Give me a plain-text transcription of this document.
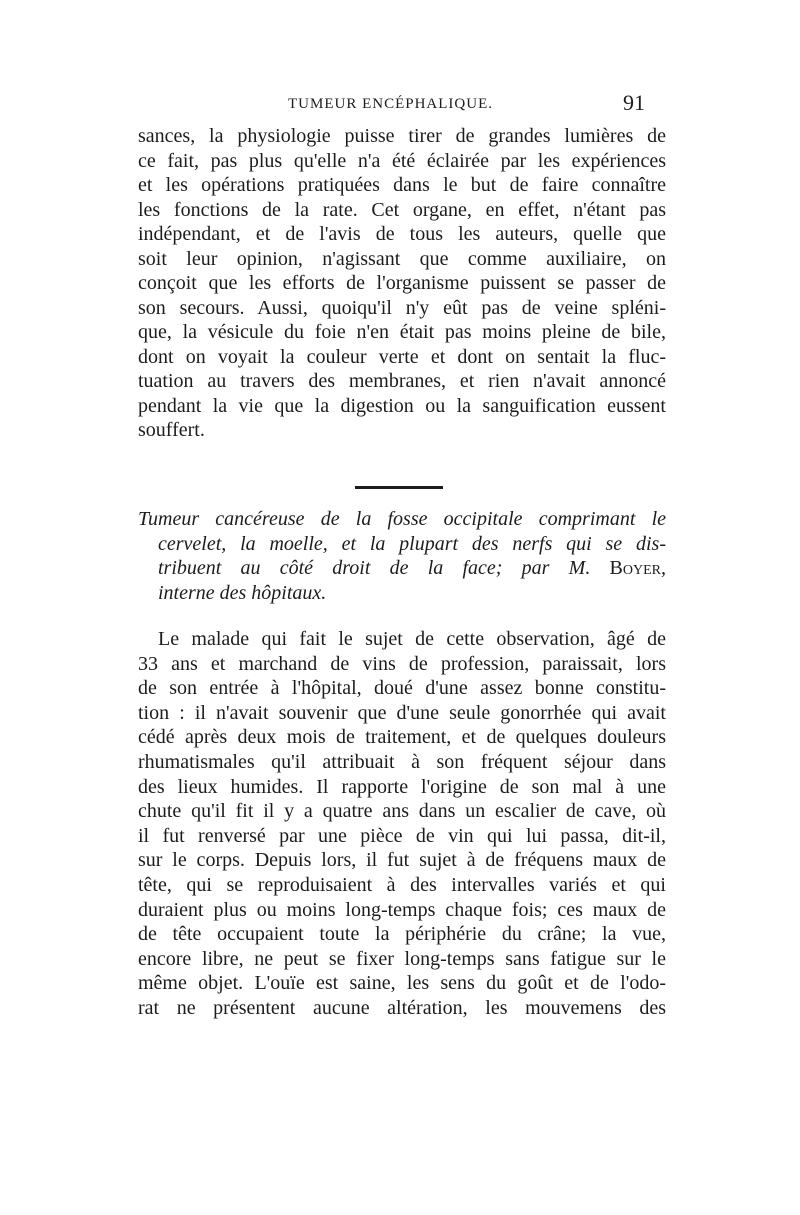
TUMEUR ENCÉPHALIQUE.	91
sances, la physiologie puisse tirer de grandes lumières de
ce fait, pas plus qu'elle n'a été éclairée par les expériences
et les opérations pratiquées dans le but de faire connaître
les fonctions de la rate. Cet organe, en effet, n'étant pas
indépendant, et de l'avis de tous les auteurs, quelle que
soit leur opinion, n'agissant que comme auxiliaire, on
conçoit que les efforts de l'organisme puissent se passer de
son secours. Aussi, quoiqu'il n'y eût pas de veine spléni-
que, la vésicule du foie n'en était pas moins pleine de bile,
dont on voyait la couleur verte et dont on sentait la fluc-
tuation au travers des membranes, et rien n'avait annoncé
pendant la vie que la digestion ou la sanguification eussent
souffert.
Tumeur cancéreuse de la fosse occipitale comprimant le
cervelet, la moelle, et la plupart des nerfs qui se dis-
tribuent au côté droit de la face; par M. Boyer,
interne des hôpitaux.
Le malade qui fait le sujet de cette observation, âgé de
33 ans et marchand de vins de profession, paraissait, lors
de son entrée à l'hôpital, doué d'une assez bonne constitu-
tion : il n'avait souvenir que d'une seule gonorrhée qui avait
cédé après deux mois de traitement, et de quelques douleurs
rhumatismales qu'il attribuait à son fréquent séjour dans
des lieux humides. Il rapporte l'origine de son mal à une
chute qu'il fit il y a quatre ans dans un escalier de cave, où
il fut renversé par une pièce de vin qui lui passa, dit-il,
sur le corps. Depuis lors, il fut sujet à de fréquens maux de
tête, qui se reproduisaient à des intervalles variés et qui
duraient plus ou moins long-temps chaque fois; ces maux de
de tête occupaient toute la périphérie du crâne; la vue,
encore libre, ne peut se fixer long-temps sans fatigue sur le
même objet. L'ouïe est saine, les sens du goût et de l'odo-
rat ne présentent aucune altération, les mouvemens des
